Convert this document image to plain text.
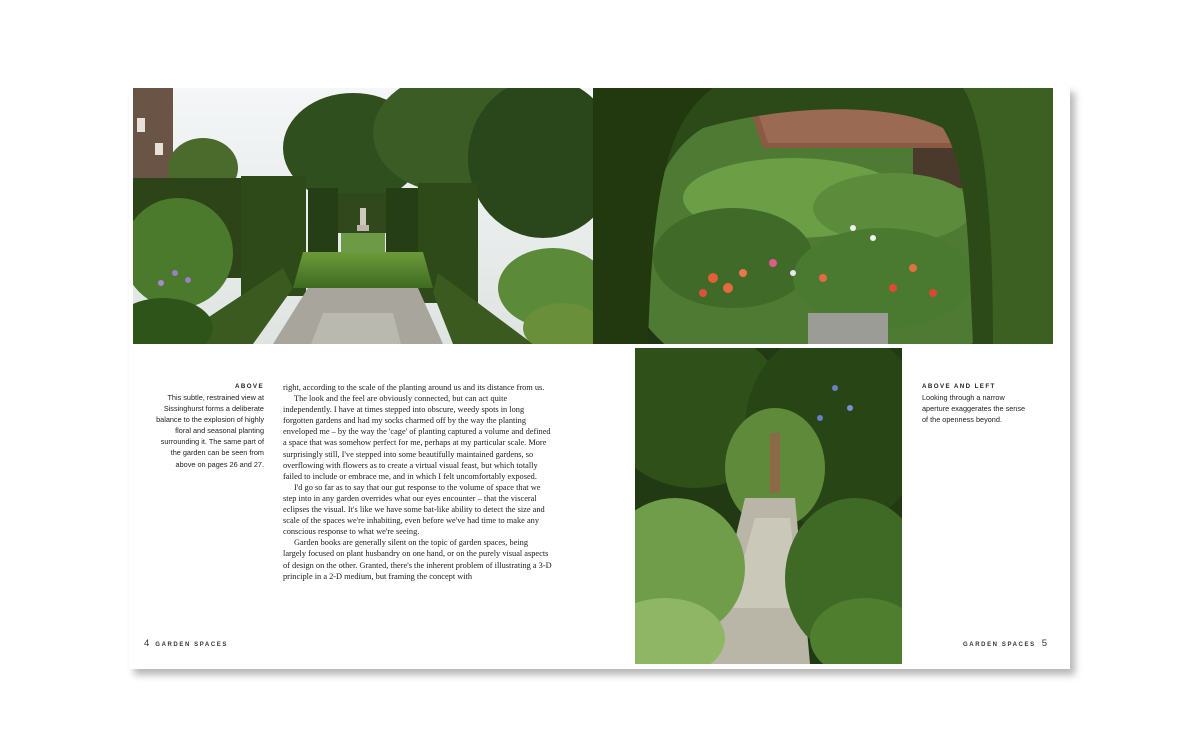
ABOVE
This subtle, restrained view at Sissinghurst forms a deliberate balance to the explosion of highly floral and seasonal planting surrounding it. The same part of the garden can be seen from above on pages 26 and 27.

right, according to the scale of the planting around us and its distance from us.

The look and the feel are obviously connected, but can act quite independently. I have at times stepped into obscure, weedy spots in long forgotten gardens and had my socks charmed off by the way the planting enveloped me – by the way the 'cage' of planting captured a volume and defined a space that was somehow perfect for me, perhaps at my particular scale. More surprisingly still, I've stepped into some beautifully maintained gardens, so overflowing with flowers as to create a virtual visual feast, but which totally failed to include or embrace me, and in which I felt uncomfortably exposed.

I'd go so far as to say that our gut response to the volume of space that we step into in any garden overrides what our eyes encounter – that the visceral eclipses the visual. It's like we have some bat-like ability to detect the size and scale of the spaces we're inhabiting, even before we've had time to make any conscious response to what we're seeing.

Garden books are generally silent on the topic of garden spaces, being largely focused on plant husbandry on one hand, or on the purely visual aspects of design on the other. Granted, there's the inherent problem of illustrating a 3-D principle in a 2-D medium, but framing the concept with

ABOVE AND LEFT
Looking through a narrow aperture exaggerates the sense of the openness beyond.
4 GARDEN SPACES	GARDEN SPACES 5
